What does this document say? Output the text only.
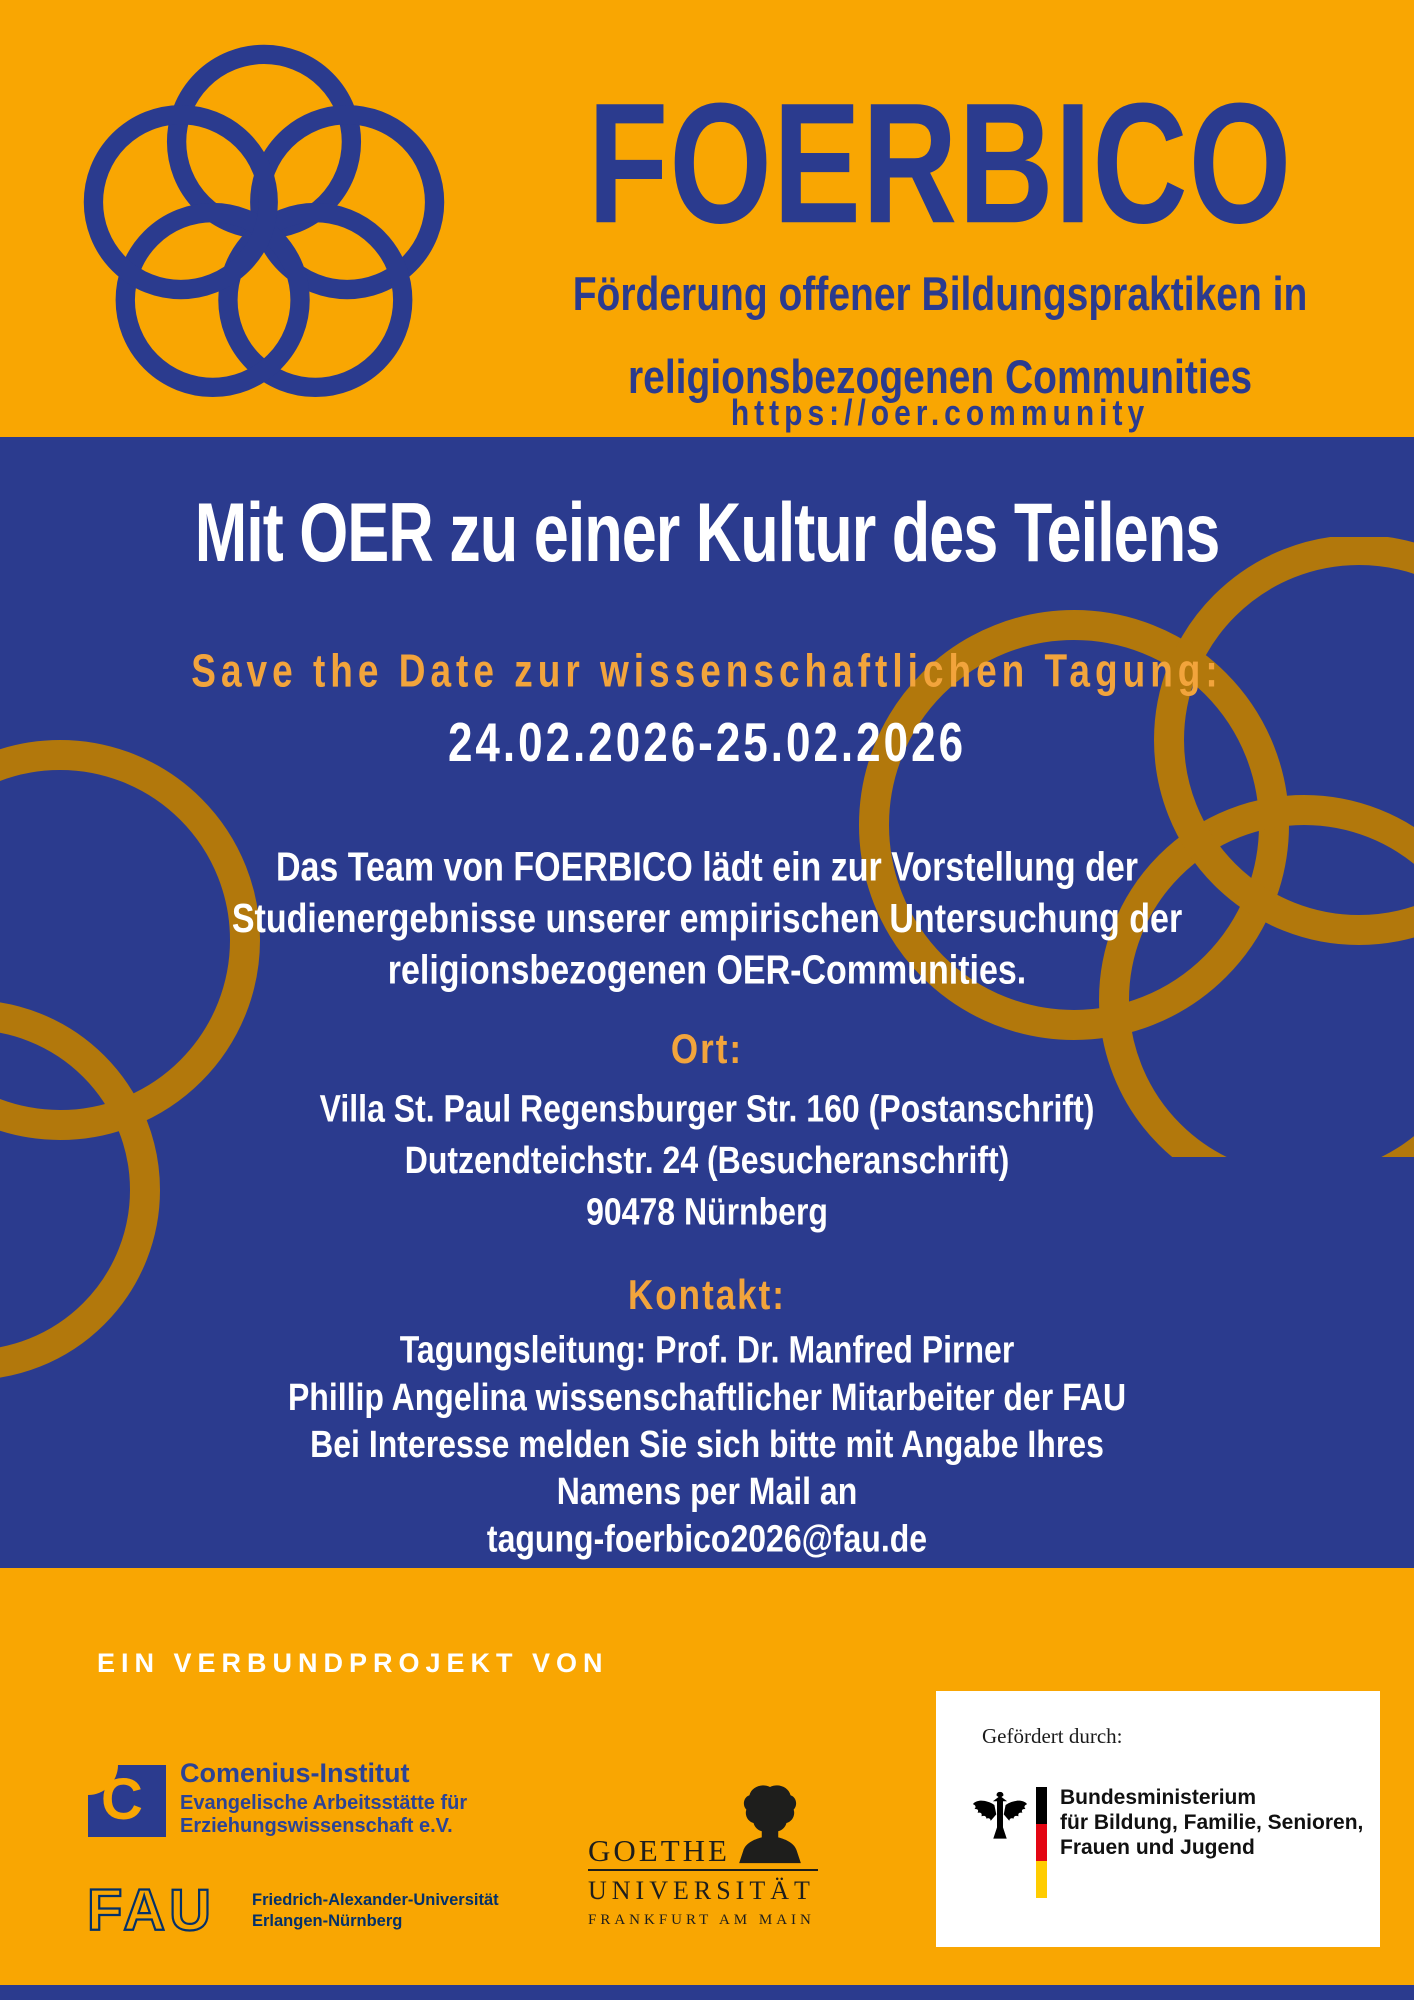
FOERBICO
Förderung offener Bildungspraktiken in
religionsbezogenen Communities
https://oer.community
Mit OER zu einer Kultur des Teilens
Save the Date zur wissenschaftlichen Tagung:
24.02.2026-25.02.2026
Das Team von FOERBICO lädt ein zur Vorstellung der
Studienergebnisse unserer empirischen Untersuchung der
religionsbezogenen OER-Communities.
Ort:
Villa St. Paul Regensburger Str. 160 (Postanschrift)
Dutzendteichstr. 24 (Besucheranschrift)
90478 Nürnberg
Kontakt:
Tagungsleitung: Prof. Dr. Manfred Pirner
Phillip Angelina wissenschaftlicher Mitarbeiter der FAU
Bei Interesse melden Sie sich bitte mit Angabe Ihres
Namens per Mail an
tagung-foerbico2026@fau.de
EIN VERBUNDPROJEKT VON
C Comenius-Institut
Evangelische Arbeitsstätte für
Erziehungswissenschaft e.V.
FAU Friedrich-Alexander-Universität
Erlangen-Nürnberg
GOETHE
UNIVERSITÄT
FRANKFURT AM MAIN
Gefördert durch:
Bundesministerium
für Bildung, Familie, Senioren,
Frauen und Jugend
